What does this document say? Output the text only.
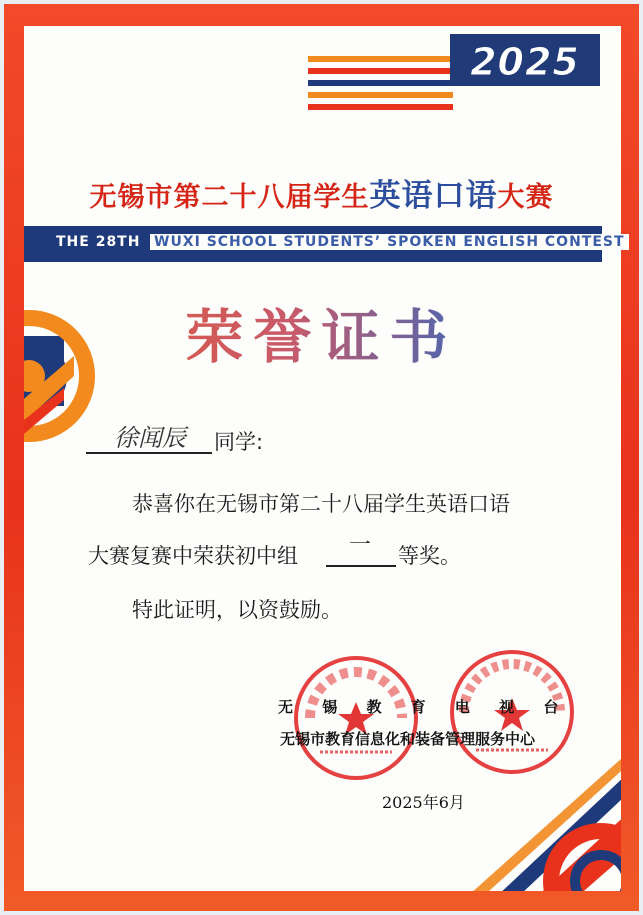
2025
无锡市第二十八届学生英语口语大赛
THE 28TH WUXI SCHOOL STUDENTS’ SPOKEN ENGLISH CONTEST
荣誉证书
徐闻辰	同学:
恭喜你在无锡市第二十八届学生英语口语
大赛复赛中荣获初中组	一	等奖。
特此证明，以资鼓励。
无 锡 教 育 电 视 台
无锡市教育信息化和装备管理服务中心
2025年6月
